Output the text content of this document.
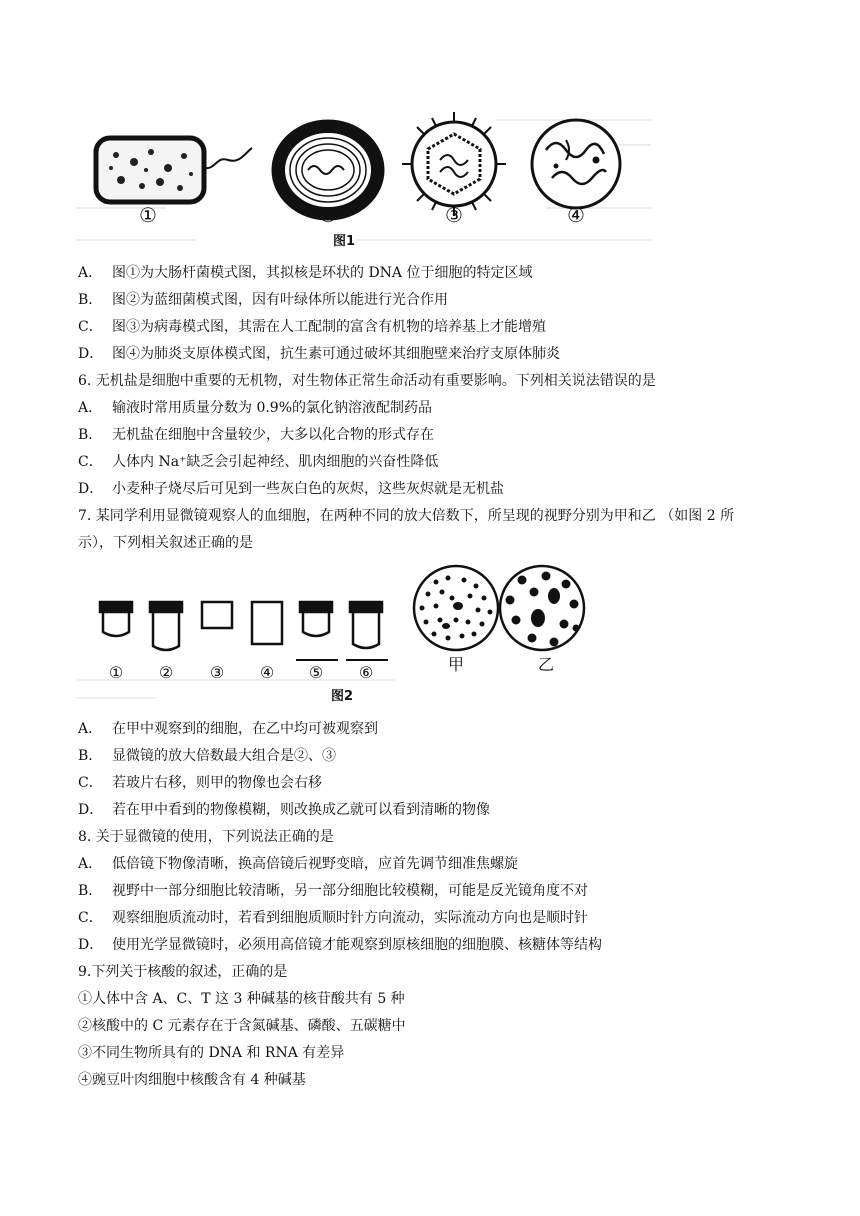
①	②	③	④
图1
A． 图①为大肠杆菌模式图，其拟核是环状的 DNA 位于细胞的特定区域
B． 图②为蓝细菌模式图，因有叶绿体所以能进行光合作用
C． 图③为病毒模式图，其需在人工配制的富含有机物的培养基上才能增殖
D． 图④为肺炎支原体模式图，抗生素可通过破坏其细胞壁来治疗支原体肺炎
6. 无机盐是细胞中重要的无机物，对生物体正常生命活动有重要影响。下列相关说法错误的是
A． 输液时常用质量分数为 0.9%的氯化钠溶液配制药品
B． 无机盐在细胞中含量较少，大多以化合物的形式存在
C． 人体内 Na⁺缺乏会引起神经、肌肉细胞的兴奋性降低
D． 小麦种子烧尽后可见到一些灰白色的灰烬，这些灰烬就是无机盐
7. 某同学利用显微镜观察人的血细胞，在两种不同的放大倍数下，所呈现的视野分别为甲和乙 （如图 2 所
示），下列相关叙述正确的是
① ② ③ ④ ⑤ ⑥	甲	乙
图2
A． 在甲中观察到的细胞，在乙中均可被观察到
B． 显微镜的放大倍数最大组合是②、③
C． 若玻片右移，则甲的物像也会右移
D． 若在甲中看到的物像模糊，则改换成乙就可以看到清晰的物像
8. 关于显微镜的使用，下列说法正确的是
A． 低倍镜下物像清晰，换高倍镜后视野变暗，应首先调节细准焦螺旋
B． 视野中一部分细胞比较清晰，另一部分细胞比较模糊，可能是反光镜角度不对
C． 观察细胞质流动时，若看到细胞质顺时针方向流动，实际流动方向也是顺时针
D． 使用光学显微镜时，必须用高倍镜才能观察到原核细胞的细胞膜、核糖体等结构
9.下列关于核酸的叙述，正确的是
①人体中含 A、C、T 这 3 种碱基的核苷酸共有 5 种
②核酸中的 C 元素存在于含氮碱基、磷酸、五碳糖中
③不同生物所具有的 DNA 和 RNA 有差异
④豌豆叶肉细胞中核酸含有 4 种碱基
